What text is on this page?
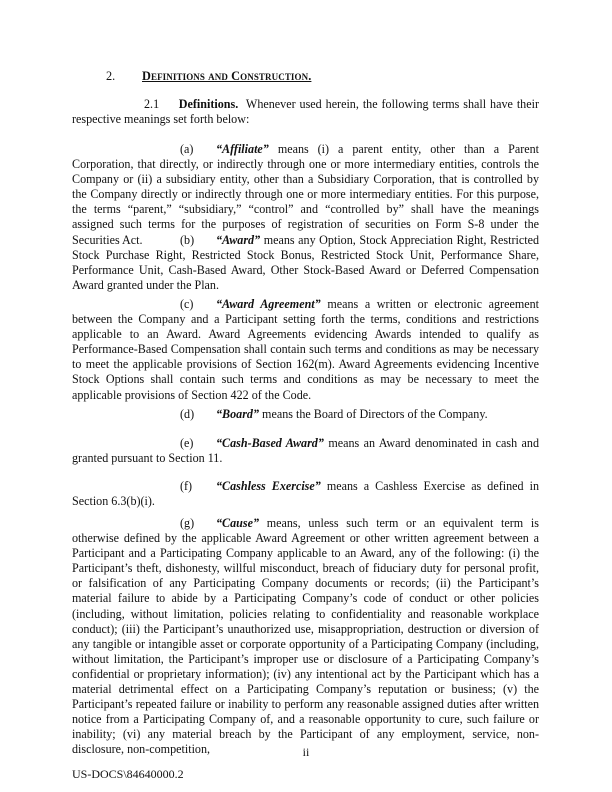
2. Definitions and Construction.

2.1 Definitions. Whenever used herein, the following terms shall have their respective meanings set forth below:

(a) “Affiliate” means (i) a parent entity, other than a Parent Corporation, that directly, or indirectly through one or more intermediary entities, controls the Company or (ii) a subsidiary entity, other than a Subsidiary Corporation, that is controlled by the Company directly or indirectly through one or more intermediary entities. For this purpose, the terms “parent,” “subsidiary,” “control” and “controlled by” shall have the meanings assigned such terms for the purposes of registration of securities on Form S-8 under the Securities Act.	(b) “Award” means any Option, Stock Appreciation Right, Restricted Stock Purchase Right, Restricted Stock Bonus, Restricted Stock Unit, Performance Share, Performance Unit, Cash-Based Award, Other Stock-Based Award or Deferred Compensation Award granted under the Plan.

(c) “Award Agreement” means a written or electronic agreement between the Company and a Participant setting forth the terms, conditions and restrictions applicable to an Award. Award Agreements evidencing Awards intended to qualify as Performance-Based Compensation shall contain such terms and conditions as may be necessary to meet the applicable provisions of Section 162(m). Award Agreements evidencing Incentive Stock Options shall contain such terms and conditions as may be necessary to meet the applicable provisions of Section 422 of the Code.

(d) “Board” means the Board of Directors of the Company.

(e) “Cash-Based Award” means an Award denominated in cash and granted pursuant to Section 11.

(f) “Cashless Exercise” means a Cashless Exercise as defined in Section 6.3(b)(i).

(g) “Cause” means, unless such term or an equivalent term is otherwise defined by the applicable Award Agreement or other written agreement between a Participant and a Participating Company applicable to an Award, any of the following: (i) the Participant’s theft, dishonesty, willful misconduct, breach of fiduciary duty for personal profit, or falsification of any Participating Company documents or records; (ii) the Participant’s material failure to abide by a Participating Company’s code of conduct or other policies (including, without limitation, policies relating to confidentiality and reasonable workplace conduct); (iii) the Participant’s unauthorized use, misappropriation, destruction or diversion of any tangible or intangible asset or corporate opportunity of a Participating Company (including, without limitation, the Participant’s improper use or disclosure of a Participating Company’s confidential or proprietary information); (iv) any intentional act by the Participant which has a material detrimental effect on a Participating Company’s reputation or business; (v) the Participant’s repeated failure or inability to perform any reasonable assigned duties after written notice from a Participating Company of, and a reasonable opportunity to cure, such failure or inability; (vi) any material breach by the Participant of any employment, service, non-disclosure, non-competition,	ii
US-DOCS\84640000.2
